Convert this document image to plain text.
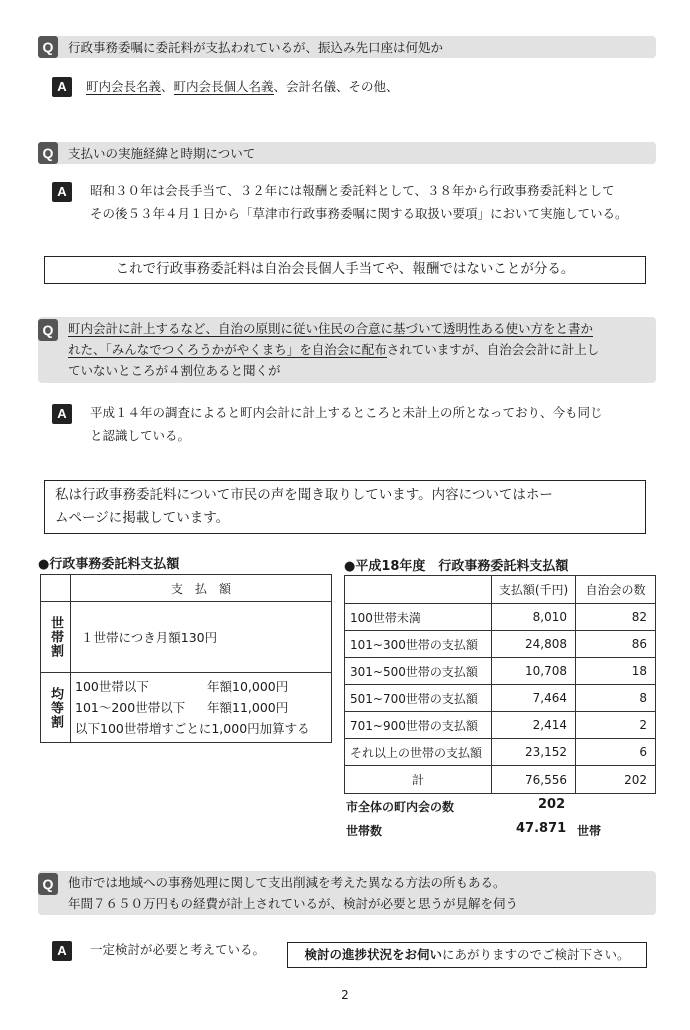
Q	行政事務委嘱に委託料が支払われているが、振込み先口座は何処か
A	町内会長名義、町内会長個人名義、会計名儀、その他、
Q	支払いの実施経緯と時期について
A	昭和３０年は会長手当て、３２年には報酬と委託料として、３８年から行政事務委託料として
その後５３年４月１日から「草津市行政事務委嘱に関する取扱い要項」において実施している。
これで行政事務委託料は自治会長個人手当てや、報酬ではないことが分る。
Q	町内会計に計上するなど、自治の原則に従い住民の合意に基づいて透明性ある使い方をと書か
れた、「みんなでつくろうかがやくまち」を自治会に配布されていますが、自治会会計に計上し
ていないところが４割位あると聞くが
A	平成１４年の調査によると町内会計に計上するところと未計上の所となっており、今も同じ
と認識している。
私は行政事務委託料について市民の声を聞き取りしています。内容についてはホー
ムページに掲載しています。
●行政事務委託料支払額
	支　払　額

世帯割	１世帯につき月額130円

均等割	100世帯以下 年額10,000円
101～200世帯以下 年額11,000円
以下100世帯増すごとに1,000円加算する
●平成18年度　行政事務委託料支払額
	支払額(千円)	自治会の数
100世帯未満	8,010	82
101~300世帯の支払額	24,808	86
301~500世帯の支払額	10,708	18
501~700世帯の支払額	7,464	8
701~900世帯の支払額	2,414	2
それ以上の世帯の支払額	23,152	6
計	76,556	202
市全体の町内会の数	202
世帯数	47.871 世帯
Q	他市では地域への事務処理に関して支出削減を考えた異なる方法の所もある。
年間７６５０万円もの経費が計上されているが、検討が必要と思うが見解を伺う
A	一定検討が必要と考えている。	検討の進捗状況をお伺いにあがりますのでご検討下さい。
2
